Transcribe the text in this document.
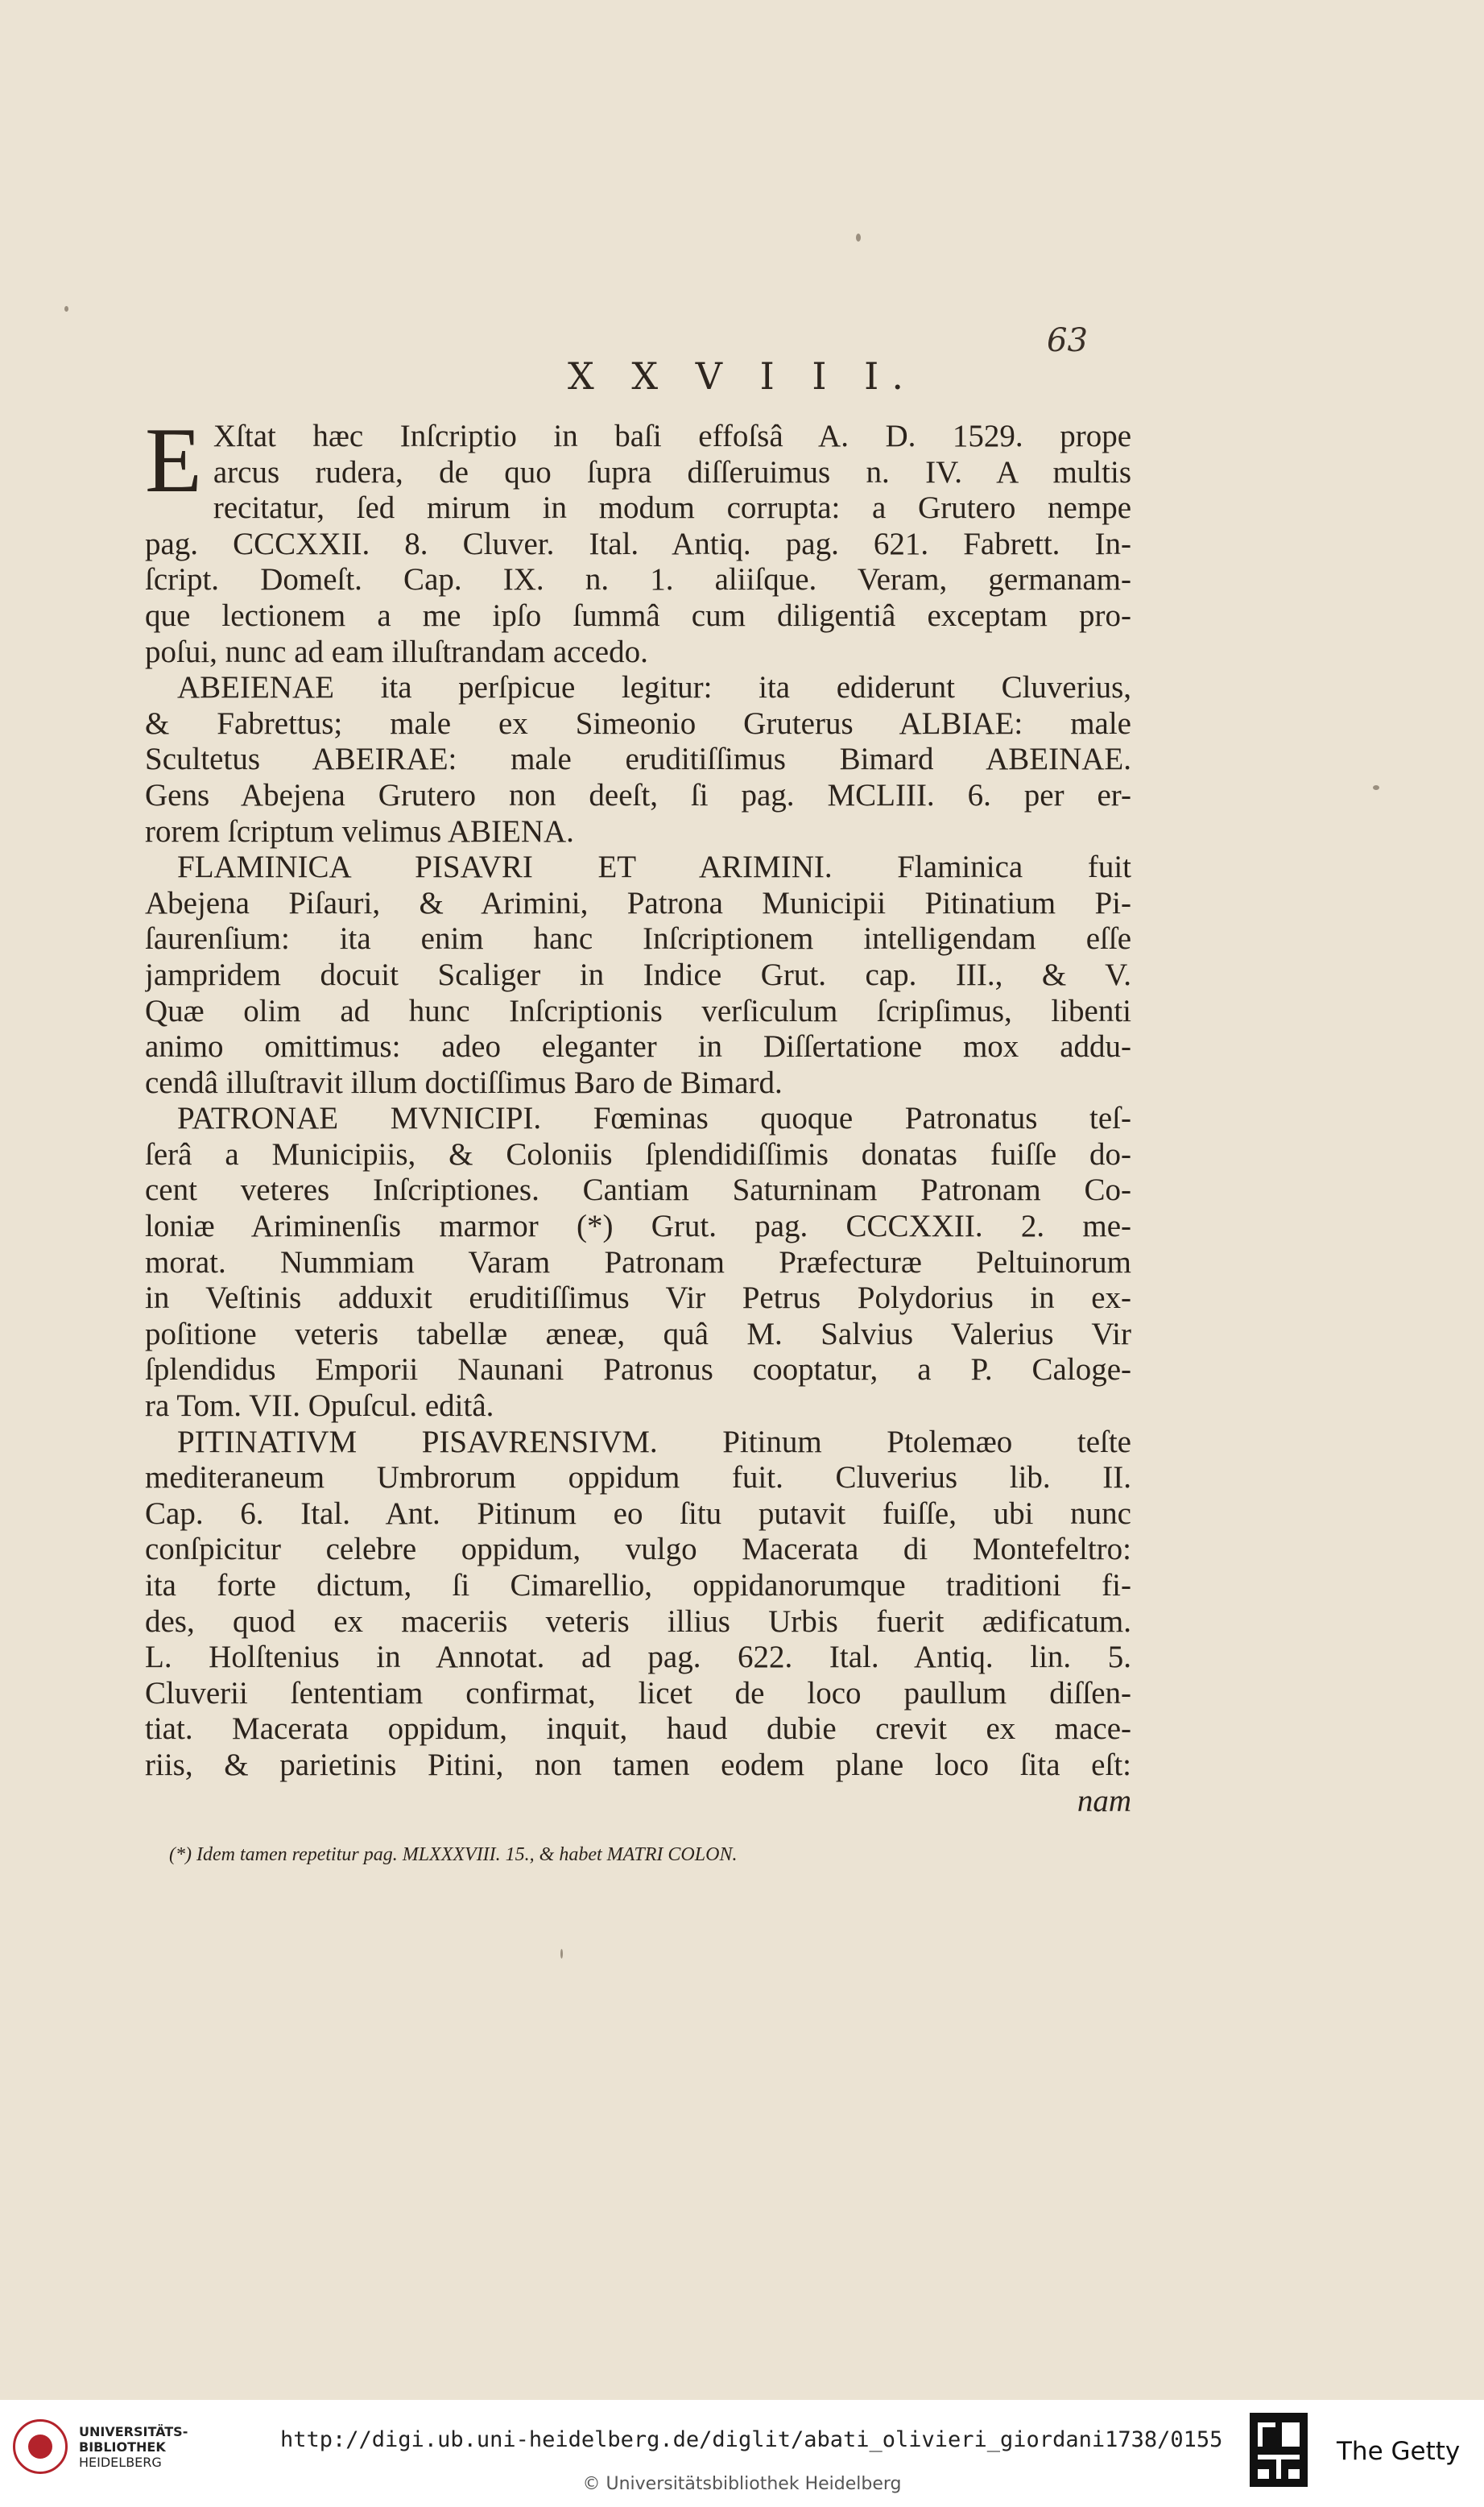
63
X X V I I I.
E Xſtat hæc Inſcriptio in baſi effoſsâ A. D. 1529. prope
arcus rudera, de quo ſupra diſſeruimus n. IV. A multis
recitatur, ſed mirum in modum corrupta: a Grutero nempe
pag. CCCXXII. 8. Cluver. Ital. Antiq. pag. 621. Fabrett. In-
ſcript. Domeſt. Cap. IX. n. 1. aliiſque. Veram, germanam-
que lectionem a me ipſo ſummâ cum diligentiâ exceptam pro-
poſui, nunc ad eam illuſtrandam accedo.
ABEIENAE ita perſpicue legitur: ita ediderunt Cluverius,
& Fabrettus; male ex Simeonio Gruterus ALBIAE: male
Scultetus ABEIRAE: male eruditiſſimus Bimard ABEINAE.
Gens Abejena Grutero non deeſt, ſi pag. MCLIII. 6. per er-
rorem ſcriptum velimus ABIENA.
FLAMINICA PISAVRI ET ARIMINI. Flaminica fuit
Abejena Piſauri, & Arimini, Patrona Municipii Pitinatium Pi-
ſaurenſium: ita enim hanc Inſcriptionem intelligendam eſſe
jampridem docuit Scaliger in Indice Grut. cap. III., & V.
Quæ olim ad hunc Inſcriptionis verſiculum ſcripſimus, libenti
animo omittimus: adeo eleganter in Diſſertatione mox addu-
cendâ illuſtravit illum doctiſſimus Baro de Bimard.
PATRONAE MVNICIPI. Fœminas quoque Patronatus teſ-
ſerâ a Municipiis, & Coloniis ſplendidiſſimis donatas fuiſſe do-
cent veteres Inſcriptiones. Cantiam Saturninam Patronam Co-
loniæ Ariminenſis marmor (*) Grut. pag. CCCXXII. 2. me-
morat. Nummiam Varam Patronam Præfecturæ Peltuinorum
in Veſtinis adduxit eruditiſſimus Vir Petrus Polydorius in ex-
poſitione veteris tabellæ æneæ, quâ M. Salvius Valerius Vir
ſplendidus Emporii Naunani Patronus cooptatur, a P. Caloge-
ra Tom. VII. Opuſcul. editâ.
PITINATIVM PISAVRENSIVM. Pitinum Ptolemæo teſte
mediteraneum Umbrorum oppidum fuit. Cluverius lib. II.
Cap. 6. Ital. Ant. Pitinum eo ſitu putavit fuiſſe, ubi nunc
conſpicitur celebre oppidum, vulgo Macerata di Montefeltro:
ita forte dictum, ſi Cimarellio, oppidanorumque traditioni fi-
des, quod ex maceriis veteris illius Urbis fuerit ædificatum.
L. Holſtenius in Annotat. ad pag. 622. Ital. Antiq. lin. 5.
Cluverii ſententiam confirmat, licet de loco paullum diſſen-
tiat. Macerata oppidum, inquit, haud dubie crevit ex mace-
riis, & parietinis Pitini, non tamen eodem plane loco ſita eſt:
nam
(*) Idem tamen repetitur pag. MLXXXVIII. 15., & habet MATRI COLON.
UNIVERSITÄTS-
BIBLIOTHEK
HEIDELBERG
http://digi.ub.uni-heidelberg.de/diglit/abati_olivieri_giordani1738/0155
© Universitätsbibliothek Heidelberg
The Getty
